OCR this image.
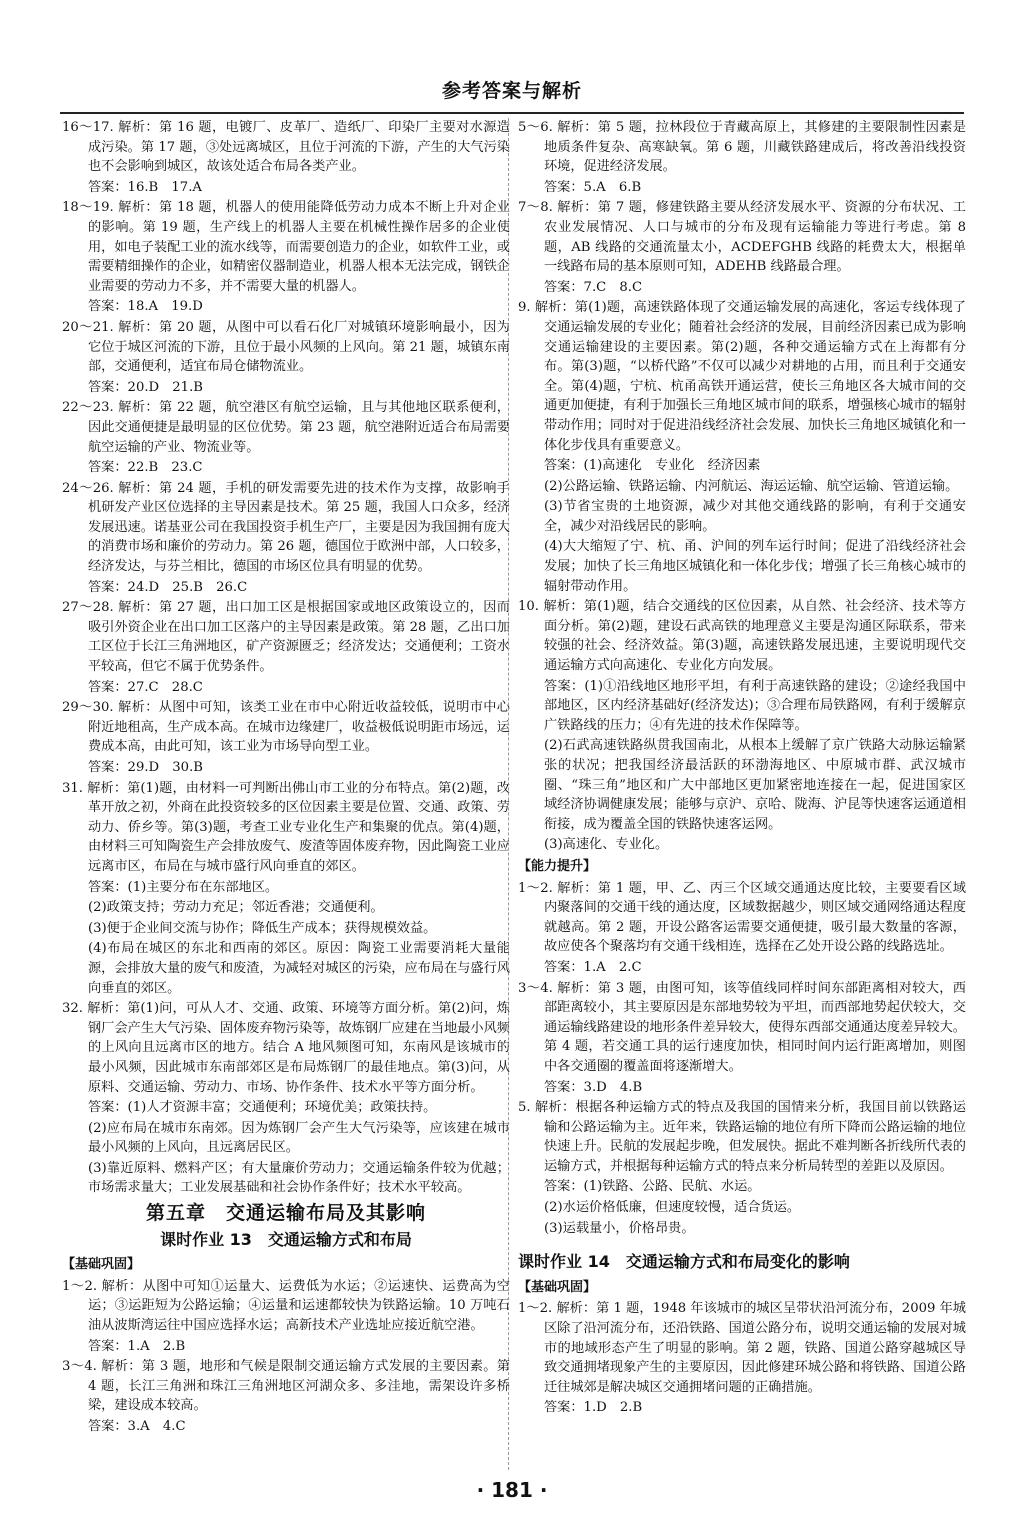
参考答案与解析

16～17. 解析：第 16 题，电镀厂、皮革厂、造纸厂、印染厂主要对水源造成污染。第 17 题，③处远离城区，且位于河流的下游，产生的大气污染也不会影响到城区，故该处适合布局各类产业。

答案：16.B　17.A

18～19. 解析：第 18 题，机器人的使用能降低劳动力成本不断上升对企业的影响。第 19 题，生产线上的机器人主要在机械性操作居多的企业使用，如电子装配工业的流水线等，而需要创造力的企业，如软件工业，或需要精细操作的企业，如精密仪器制造业，机器人根本无法完成，钢铁企业需要的劳动力不多，并不需要大量的机器人。

答案：18.A　19.D

20～21. 解析：第 20 题，从图中可以看石化厂对城镇环境影响最小，因为它位于城区河流的下游，且位于最小风频的上风向。第 21 题，城镇东南部，交通便利，适宜布局仓储物流业。

答案：20.D　21.B

22～23. 解析：第 22 题，航空港区有航空运输，且与其他地区联系便利，因此交通便捷是最明显的区位优势。第 23 题，航空港附近适合布局需要航空运输的产业、物流业等。

答案：22.B　23.C

24～26. 解析：第 24 题，手机的研发需要先进的技术作为支撑，故影响手机研发产业区位选择的主导因素是技术。第 25 题，我国人口众多，经济发展迅速。诺基亚公司在我国投资手机生产厂，主要是因为我国拥有庞大的消费市场和廉价的劳动力。第 26 题，德国位于欧洲中部，人口较多，经济发达，与芬兰相比，德国的市场区位具有明显的优势。

答案：24.D　25.B　26.C

27～28. 解析：第 27 题，出口加工区是根据国家或地区政策设立的，因而吸引外资企业在出口加工区落户的主导因素是政策。第 28 题，乙出口加工区位于长江三角洲地区，矿产资源匮乏；经济发达；交通便利；工资水平较高，但它不属于优势条件。

答案：27.C　28.C

29～30. 解析：从图中可知，该类工业在市中心附近收益较低，说明市中心附近地租高，生产成本高。在城市边缘建厂，收益极低说明距市场远，运费成本高，由此可知，该工业为市场导向型工业。

答案：29.D　30.B

31. 解析：第(1)题，由材料一可判断出佛山市工业的分布特点。第(2)题，改革开放之初，外商在此投资较多的区位因素主要是位置、交通、政策、劳动力、侨乡等。第(3)题，考查工业专业化生产和集聚的优点。第(4)题，由材料三可知陶瓷生产会排放废气、废渣等固体废弃物，因此陶瓷工业应远离市区，布局在与城市盛行风向垂直的郊区。

答案：(1)主要分布在东部地区。

(2)政策支持；劳动力充足；邻近香港；交通便利。

(3)便于企业间交流与协作；降低生产成本；获得规模效益。

(4)布局在城区的东北和西南的郊区。原因：陶瓷工业需要消耗大量能源，会排放大量的废气和废渣，为减轻对城区的污染，应布局在与盛行风向垂直的郊区。

32. 解析：第(1)问，可从人才、交通、政策、环境等方面分析。第(2)问，炼钢厂会产生大气污染、固体废弃物污染等，故炼钢厂应建在当地最小风频的上风向且远离市区的地方。结合 A 地风频图可知，东南风是该城市的最小风频，因此城市东南部郊区是布局炼钢厂的最佳地点。第(3)问，从原料、交通运输、劳动力、市场、协作条件、技术水平等方面分析。

答案：(1)人才资源丰富；交通便利；环境优美；政策扶持。

(2)应布局在城市东南郊。因为炼钢厂会产生大气污染等，应该建在城市最小风频的上风向，且远离居民区。

(3)靠近原料、燃料产区；有大量廉价劳动力；交通运输条件较为优越；市场需求量大；工业发展基础和社会协作条件好；技术水平较高。

第五章　交通运输布局及其影响
课时作业 13　交通运输方式和布局

【基础巩固】

1～2. 解析：从图中可知①运量大、运费低为水运；②运速快、运费高为空运；③运距短为公路运输；④运量和运速都较快为铁路运输。10 万吨石油从波斯湾运往中国应选择水运；高新技术产业选址应接近航空港。

答案：1.A　2.B

3～4. 解析：第 3 题，地形和气候是限制交通运输方式发展的主要因素。第 4 题，长江三角洲和珠江三角洲地区河湖众多、多洼地，需架设许多桥梁，建设成本较高。

答案：3.A　4.C

5～6. 解析：第 5 题，拉林段位于青藏高原上，其修建的主要限制性因素是地质条件复杂、高寒缺氧。第 6 题，川藏铁路建成后，将改善沿线投资环境，促进经济发展。

答案：5.A　6.B

7～8. 解析：第 7 题，修建铁路主要从经济发展水平、资源的分布状况、工农业发展情况、人口与城市的分布及现有运输能力等进行考虑。第 8 题，AB 线路的交通流量太小，ACDEFGHB 线路的耗费太大，根据单一线路布局的基本原则可知，ADEHB 线路最合理。

答案：7.C　8.C

9. 解析：第(1)题，高速铁路体现了交通运输发展的高速化，客运专线体现了交通运输发展的专业化；随着社会经济的发展，目前经济因素已成为影响交通运输建设的主要因素。第(2)题，各种交通运输方式在上海都有分布。第(3)题，“以桥代路”不仅可以减少对耕地的占用，而且利于交通安全。第(4)题，宁杭、杭甬高铁开通运营，使长三角地区各大城市间的交通更加便捷，有利于加强长三角地区城市间的联系，增强核心城市的辐射带动作用；同时对于促进沿线经济社会发展、加快长三角地区城镇化和一体化步伐具有重要意义。

答案：(1)高速化　专业化　经济因素

(2)公路运输、铁路运输、内河航运、海运运输、航空运输、管道运输。

(3)节省宝贵的土地资源，减少对其他交通线路的影响，有利于交通安全，减少对沿线居民的影响。

(4)大大缩短了宁、杭、甬、沪间的列车运行时间；促进了沿线经济社会发展；加快了长三角地区城镇化和一体化步伐；增强了长三角核心城市的辐射带动作用。

10. 解析：第(1)题，结合交通线的区位因素，从自然、社会经济、技术等方面分析。第(2)题，建设石武高铁的地理意义主要是沟通区际联系，带来较强的社会、经济效益。第(3)题，高速铁路发展迅速，主要说明现代交通运输方式向高速化、专业化方向发展。

答案：(1)①沿线地区地形平坦，有利于高速铁路的建设；②途经我国中部地区，区内经济基础好(经济发达)；③合理布局铁路网，有利于缓解京广铁路线的压力；④有先进的技术作保障等。

(2)石武高速铁路纵贯我国南北，从根本上缓解了京广铁路大动脉运输紧张的状况；把我国经济最活跃的环渤海地区、中原城市群、武汉城市圈、“珠三角”地区和广大中部地区更加紧密地连接在一起，促进国家区域经济协调健康发展；能够与京沪、京哈、陇海、沪昆等快速客运通道相衔接，成为覆盖全国的铁路快速客运网。

(3)高速化、专业化。

【能力提升】

1～2. 解析：第 1 题，甲、乙、丙三个区域交通通达度比较，主要要看区域内聚落间的交通干线的通达度，区域数据越少，则区域交通网络通达程度就越高。第 2 题，开设公路客运需要交通便捷，吸引最大数量的客源，故应使各个聚落均有交通干线相连，选择在乙处开设公路的线路选址。

答案：1.A　2.C

3～4. 解析：第 3 题，由图可知，该等值线同样时间东部距离相对较大，西部距离较小，其主要原因是东部地势较为平坦，而西部地势起伏较大，交通运输线路建设的地形条件差异较大，使得东西部交通通达度差异较大。第 4 题，若交通工具的运行速度加快，相同时间内运行距离增加，则图中各交通圈的覆盖面将逐渐增大。

答案：3.D　4.B

5. 解析：根据各种运输方式的特点及我国的国情来分析，我国目前以铁路运输和公路运输为主。近年来，铁路运输的地位有所下降而公路运输的地位快速上升。民航的发展起步晚，但发展快。据此不难判断各折线所代表的运输方式，并根据每种运输方式的特点来分析局转型的差距以及原因。

答案：(1)铁路、公路、民航、水运。

(2)水运价格低廉，但速度较慢，适合货运。

(3)运载量小，价格昂贵。

课时作业 14　交通运输方式和布局变化的影响

【基础巩固】

1～2. 解析：第 1 题，1948 年该城市的城区呈带状沿河流分布，2009 年城区除了沿河流分布，还沿铁路、国道公路分布，说明交通运输的发展对城市的地域形态产生了明显的影响。第 2 题，铁路、国道公路穿越城区导致交通拥堵现象产生的主要原因，因此修建环城公路和将铁路、国道公路迁往城郊是解决城区交通拥堵问题的正确措施。

答案：1.D　2.B

· 181 ·
